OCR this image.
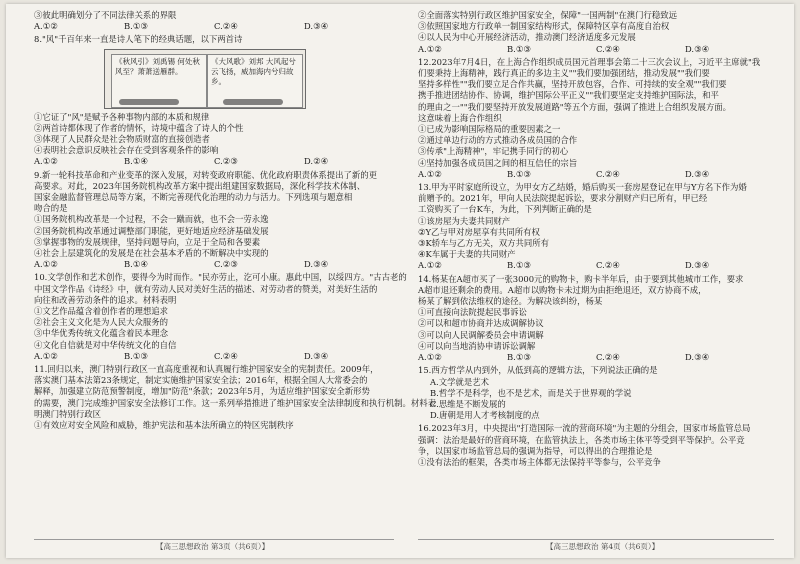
③彼此明确划分了不同法律关系的界限
A.①②	B.①③	C.②④	D.③④
8."风"千百年来一直是诗人笔下的经典话题，以下两首诗
《秋风引》刘禹锡 何处秋风至？萧萧送雁群。
《大风歌》刘邦 大风起兮云飞扬，威加海内兮归故乡。
①它证了"风"是赋予各种事物内部的本质和规律
②两首诗都体现了作者的情怀，诗境中蕴含了诗人的个性
③体现了人民群众是社会物质财富的直接创造者
④表明社会意识反映社会存在受到客观条件的影响
A.①②	B.①④	C.②③	D.②④
9.新一轮科技革命和产业变革的深入发展，对转变政府职能、优化政府职责体系提出了新的更
高要求。对此，2023年国务院机构改革方案中提出组建国家数据局，深化科学技术体制、
国家金融监督管理总局等方案，不断完善现代化治理的动力与活力。下列选项与题意相
吻合的是
①国务院机构改革是一个过程，不会一蹴而就，也不会一劳永逸
②国务院机构改革通过调整部门职能，更好地适应经济基础发展
③掌握事物的发展规律，坚持问题导向，立足于全局和各要素
④社会上层建筑化的发展是在社会基本矛盾的不断解决中实现的
A.①②	B.①④	C.②③	D.③④
10.文学创作和艺术创作，要得今为时而作。"民亦劳止，汔可小康。惠此中国，以绥四方。"古古老的
中国文学作品《诗经》中，就有劳动人民对美好生活的描述、对劳动者的赞美，对美好生活的
向往和改善劳动条件的追求。材料表明
①文艺作品蕴含着创作者的理想追求
②社会主义文化是为人民大众服务的
③中华优秀传统文化蕴含着民本理念
④文化自信就是对中华传统文化的自信
A.①②	B.①③	C.②④	D.③④
11.回归以来，澳门特别行政区一直高度重视和认真履行维护国家安全的宪制责任。2009年，
落实澳门基本法第23条规定，制定实施维护国家安全法；2016年，根据全国人大常委会的
解释，加强建立防范预警制度，增加"防范"条款；2023年5月，为适应维护国家安全新形势
的需要，澳门完成维护国家安全法修订工作。这一系列举措推进了维护国家安全法律制度和执行机制。材料表
明澳门特别行政区
①有效应对安全风险和威胁，维护宪法和基本法所确立的特区宪制秩序
【高三思想政治 第3页（共6页）】
②全面落实特别行政区维护国家安全，保障"一国两制"在澳门行稳致远
③依照国家地方行政单一制国家结构形式，保障特区享有高度自治权
④以人民为中心开展经济活动，推动澳门经济适度多元发展
A.①②	B.①③	C.②④	D.③④
12.2023年7月4日，在上海合作组织成员国元首理事会第二十三次会议上，习近平主席就"我
们要秉持上海精神，践行真正的多边主义""我们要加强团结，推动发展""我们要
坚持多样性""我们要立足合作共赢，坚持开放包容，合作、可持续的安全观""我们要
携手推进团结协作、协调，维护国际公平正义""我们要坚定支持维护国际法，和平
的理由之一""我们要坚持开放发展道路"等五个方面，强调了推进上合组织发展方面。
这意味着上海合作组织
①已成为影响国际格局的重要因素之一
②通过单边行动的方式推动各成员国的合作
③传承"上海精神"，牢记携手同行的初心
④坚持加强各成员国之间的相互信任的宗旨
A.①②	B.①③	C.②④	D.③④
13.甲为平时家庭所设立，为甲女方乙结婚，婚后购买一套房屋登记在甲与Y方名下作为婚
前赠予的。2021年，甲向人民法院提起诉讼，要求分割财产归已所有，甲已经
工资购买了一台K车，为此，下列判断正确的是
①该房屋为夫妻共同财产
②Y乙与甲对房屋享有共同所有权
③K轿车与乙方无关，双方共同所有
④K车属于夫妻的共同财产
A.①②	B.①③	C.②④	D.③④
14.杨某在A超市买了一张3000元的购物卡，购卡半年后，由于要到其他城市工作，要求
A超市退还剩余的费用。A超市以购物卡未过期为由拒绝退还，双方协商不成，
杨某了解到依法维权的途径。为解决该纠纷，杨某
①可直接向法院提起民事诉讼
②可以和超市协商并达成调解协议
③可以向人民调解委员会申请调解
④可以向当地消协申请诉讼调解
A.①②	B.①③	C.②④	D.③④
15.西方哲学从内到外，从低到高的逻辑方法，下列说法正确的是
A.文学就是艺术
B.哲学不是科学，也不是艺术，而是关于世界观的学说
C.思维是不断发展的
D.唐朝是用人才考核制度的点
16.2023年3月，中央提出"打造国际一流的营商环境"为主题的分组会，国家市场监管总局
强调：法治是最好的营商环境，在监管执法上，各类市场主体平等受到平等保护。公平竞
争，以国家市场监管总局的强调为指导，可以得出的合理推论是
①没有法治的框架，各类市场主体都无法保持平等参与，公平竞争
【高三思想政治 第4页（共6页）】
